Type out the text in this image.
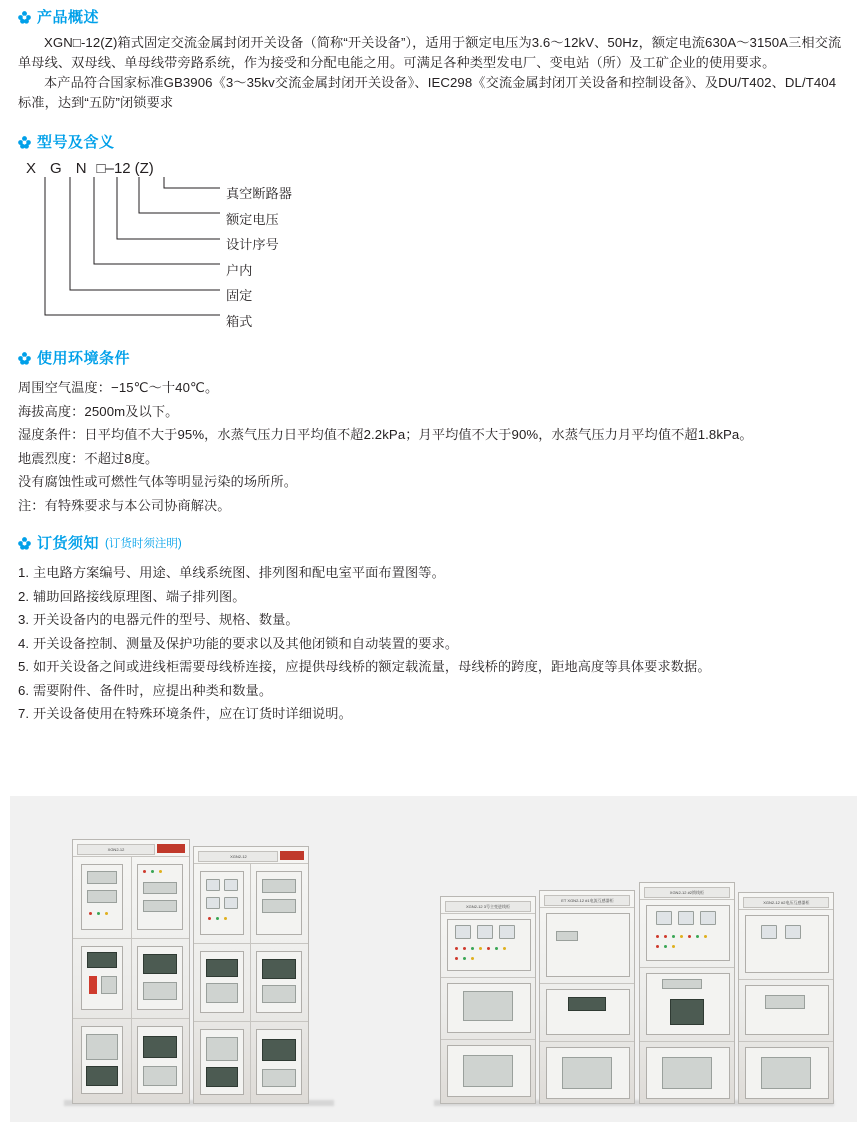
产品概述

XGN□-12(Z)箱式固定交流金属封闭开关设备（简称“开关设备”），适用于额定电压为3.6～12kV、50Hz，额定电流630A～3150A三相交流单母线、双母线、单母线带旁路系统，作为接受和分配电能之用。可满足各种类型发电厂、变电站（所）及工矿企业的使用要求。

本产品符合国家标准GB3906《3～35kv交流金属封闭开关设备》、IEC298《交流金属封闭丌关设备和控制设备》、及DU/T402、DL/T404标准，达到“五防”闭锁要求

型号及含义
X G N □–12 (Z)
真空断路器
额定电压
设计序号
户内
固定
箱式
使用环境条件

周围空气温度：−15℃～十40℃。

海拔高度：2500m及以下。

湿度条件：日平均值不大于95%，水蒸气压力日平均值不超2.2kPa；月平均值不大于90%，水蒸气压力月平均值不超1.8kPa。

地震烈度：不超过8度。

没有腐蚀性或可燃性气体等明显污染的场所所。

注：有特殊要求与本公司协商解决。

订货须知 (订货时须注明)

1. 主电路方案编号、用途、单线系统图、排列图和配电室平面布置图等。

2. 辅助回路接线原理图、端子排列图。

3. 开关设备内的电器元件的型号、规格、数量。

4. 开关设备控制、测量及保护功能的要求以及其他闭锁和自动装置的要求。

5. 如开关设备之间或进线柜需要母线桥连接，应提供母线桥的额定载流量，母线桥的跨度，距地高度等具体要求数据。

6. 需要附件、备件时，应提出种类和数量。

7. 开关设备使用在特殊环境条件，应在订货时详细说明。

XGN2-12

XGN2-12
XGN2-12 3号主变进线柜

ET XGN2-12 #1电流互感器柜

XGN2-12 #2馈线柜

XGN2-12 #2电压互感器柜
